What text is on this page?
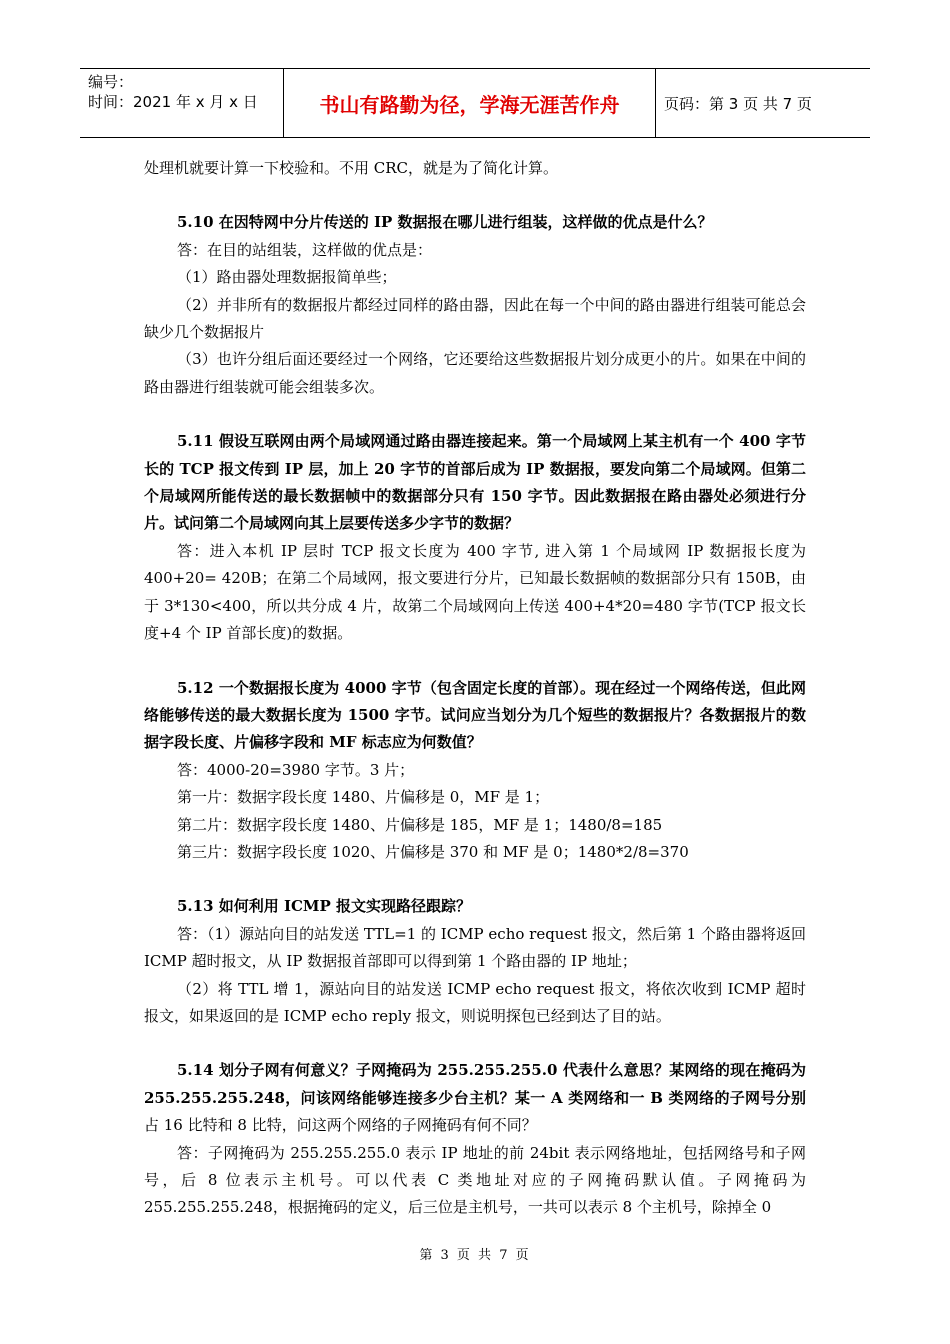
编号：
时间：2021 年 x 月 x 日	书山有路勤为径，学海无涯苦作舟	页码：第 3 页 共 7 页

处理机就要计算一下校验和。不用 CRC，就是为了简化计算。

5.10 在因特网中分片传送的 IP 数据报在哪儿进行组装，这样做的优点是什么？

答：在目的站组装，这样做的优点是：

（1）路由器处理数据报简单些；

（2）并非所有的数据报片都经过同样的路由器，因此在每一个中间的路由器进行组装可能总会缺少几个数据报片

（3）也许分组后面还要经过一个网络，它还要给这些数据报片划分成更小的片。如果在中间的路由器进行组装就可能会组装多次。

5.11 假设互联网由两个局域网通过路由器连接起来。第一个局域网上某主机有一个 400 字节长的 TCP 报文传到 IP 层，加上 20 字节的首部后成为 IP 数据报，要发向第二个局域网。但第二个局域网所能传送的最长数据帧中的数据部分只有 150 字节。因此数据报在路由器处必须进行分片。试问第二个局域网向其上层要传送多少字节的数据？

答：进入本机 IP 层时 TCP 报文长度为 400 字节, 进入第 1 个局域网 IP 数据报长度为 400+20= 420B；在第二个局域网，报文要进行分片，已知最长数据帧的数据部分只有 150B，由于 3*130<400，所以共分成 4 片，故第二个局域网向上传送 400+4*20=480 字节(TCP 报文长度+4 个 IP 首部长度)的数据。

5.12 一个数据报长度为 4000 字节（包含固定长度的首部）。现在经过一个网络传送，但此网络能够传送的最大数据长度为 1500 字节。试问应当划分为几个短些的数据报片？各数据报片的数据字段长度、片偏移字段和 MF 标志应为何数值？

答：4000-20=3980 字节。3 片；

第一片：数据字段长度 1480、片偏移是 0，MF 是 1；

第二片：数据字段长度 1480、片偏移是 185，MF 是 1；1480/8=185

第三片：数据字段长度 1020、片偏移是 370 和 MF 是 0；1480*2/8=370

5.13 如何利用 ICMP 报文实现路径跟踪？

答：（1）源站向目的站发送 TTL=1 的 ICMP echo request 报文，然后第 1 个路由器将返回 ICMP 超时报文，从 IP 数据报首部即可以得到第 1 个路由器的 IP 地址；

（2）将 TTL 增 1，源站向目的站发送 ICMP echo request 报文，将依次收到 ICMP 超时报文，如果返回的是 ICMP echo reply 报文，则说明探包已经到达了目的站。

5.14 划分子网有何意义？子网掩码为 255.255.255.0 代表什么意思？某网络的现在掩码为 255.255.255.248，问该网络能够连接多少台主机？某一 A 类网络和一 B 类网络的子网号分别占 16 比特和 8 比特，问这两个网络的子网掩码有何不同？

答：子网掩码为 255.255.255.0 表示 IP 地址的前 24bit 表示网络地址，包括网络号和子网号，后 8 位表示主机号。可以代表 C 类地址对应的子网掩码默认值。子网掩码为 255.255.255.248，根据掩码的定义，后三位是主机号，一共可以表示 8 个主机号，除掉全 0

第 3 页 共 7 页
